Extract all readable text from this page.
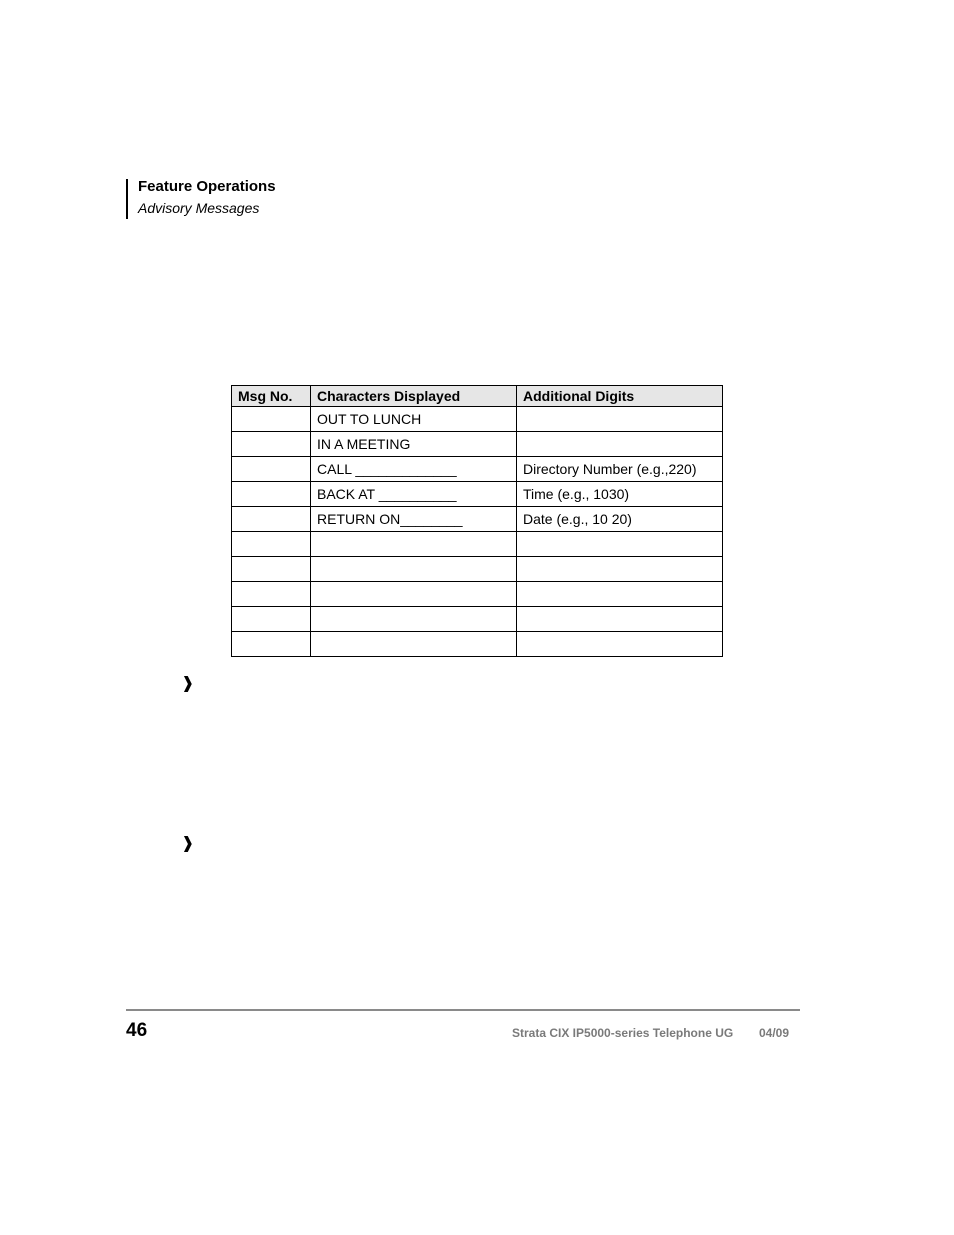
Feature Operations
Advisory Messages
Msg No.	Characters Displayed	Additional Digits
	OUT TO LUNCH	
	IN A MEETING	
	CALL _____________	Directory Number (e.g.,220)
	BACK AT __________	Time (e.g., 1030)
	RETURN ON________	Date (e.g., 10 20)

❱
❱
46	Strata CIX IP5000-series Telephone UG 04/09
